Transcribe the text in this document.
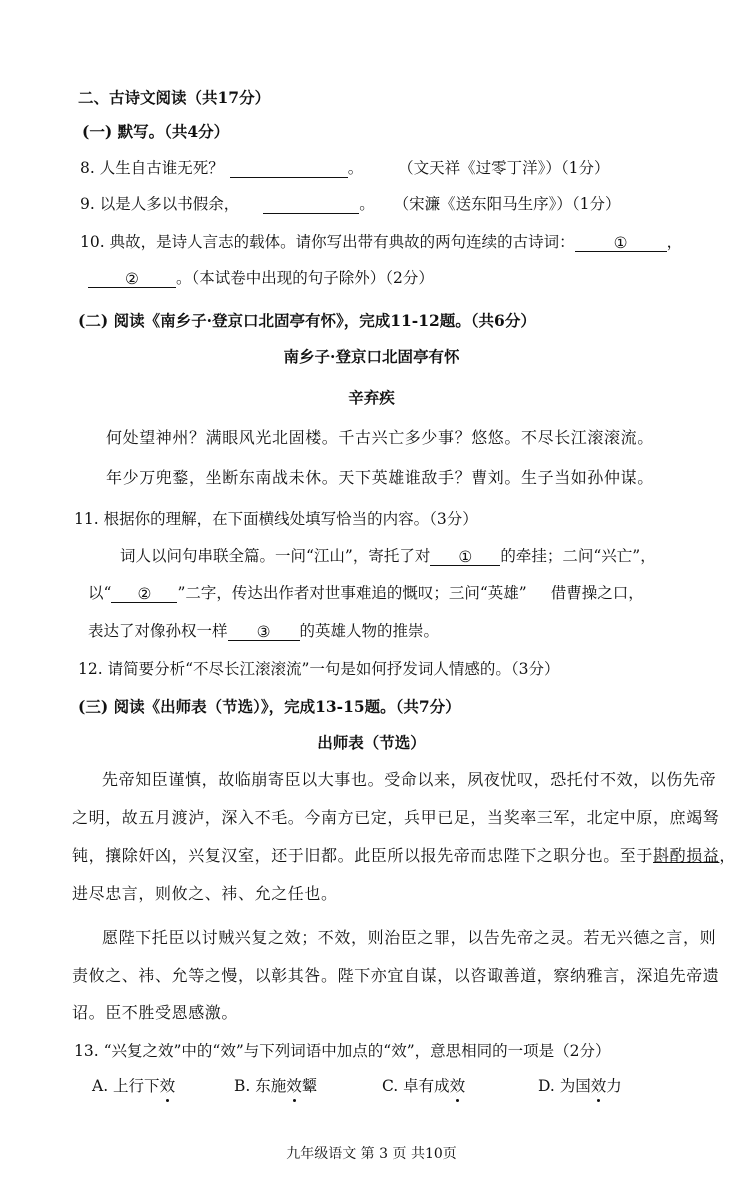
二、古诗文阅读（共17分）
(一) 默写。（共4分）
8. 人生自古谁无死？	。 （文天祥《过零丁洋》）（1分）
9. 以是人多以书假余，	。 （宋濂《送东阳马生序》）（1分）
10. 典故，是诗人言志的载体。请你写出带有典故的两句连续的古诗词：	①	，
② 。（本试卷中出现的句子除外）（2分）
(二) 阅读《南乡子·登京口北固亭有怀》，完成11-12题。（共6分）
南乡子·登京口北固亭有怀
辛弃疾
何处望神州？满眼风光北固楼。千古兴亡多少事？悠悠。不尽长江滚滚流。
年少万兜鍪，坐断东南战未休。天下英雄谁敌手？曹刘。生子当如孙仲谋。
11. 根据你的理解，在下面横线处填写恰当的内容。（3分）
词人以问句串联全篇。一问“江山”，寄托了对 ① 的牵挂；二问“兴亡”，
以“ ② ”二字，传达出作者对世事难追的慨叹；三问“英雄” 借曹操之口，
表达了对像孙权一样 ③ 的英雄人物的推崇。
12. 请简要分析“不尽长江滚滚流”一句是如何抒发词人情感的。（3分）
(三) 阅读《出师表（节选）》，完成13-15题。（共7分）
出师表（节选）
先帝知臣谨慎，故临崩寄臣以大事也。受命以来，夙夜忧叹，恐托付不效，以伤先帝
之明，故五月渡泸，深入不毛。今南方已定，兵甲已足，当奖率三军，北定中原，庶竭驽
钝，攘除奸凶，兴复汉室，还于旧都。此臣所以报先帝而忠陛下之职分也。至于斟酌损益，
进尽忠言，则攸之、祎、允之任也。
愿陛下托臣以讨贼兴复之效；不效，则治臣之罪，以告先帝之灵。若无兴德之言，则
责攸之、祎、允等之慢，以彰其咎。陛下亦宜自谋，以咨诹善道，察纳雅言，深追先帝遗
诏。臣不胜受恩感激。
13. “兴复之效”中的“效”与下列词语中加点的“效”，意思相同的一项是（2分）
A. 上行下效	B. 东施效颦	C. 卓有成效	D. 为国效力
九年级语文 第 3 页 共10页
